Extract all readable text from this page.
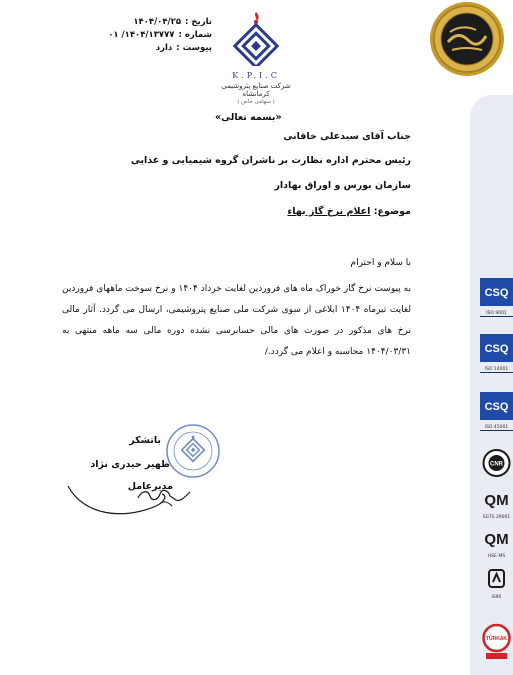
تاریخ :
۱۴۰۴/۰۴/۲۵
شماره :
۱۴۰۴/۱۳۷۷۷/ ۰۱
پیوست :
دارد
K.P.I.C
شرکت صنایع پتروشیمی کرمانشاه
( سهامی خاص )
CSQ
ISO 9001
CSQ
ISO 14001
CSQ
ISO 45001
CNR
QM
SGTS 29001
QM
HSE-MS
ISIRI
TÜRKAK
«بسمه تعالی»
جناب آقای سیدعلی خاقانی
رئیس محترم اداره نظارت بر ناشران گروه شیمیایی و غذایی
سازمان بورس و اوراق بهادار
موضوع: اعلام نرخ گاز بهاء
با سلام و احترام
به پیوست نرخ گاز خوراک ماه های فروردین لغایت خرداد ۱۴۰۴ و نرخ سوخت ماههای فروردین لغایت تیرماه ۱۴۰۴ ابلاغی از سوی شرکت ملی صنایع پتروشیمی، ارسال می گردد. آثار مالی نرخ های مذکور در صورت های مالی حسابرسی نشده دوره مالی سه ماهه منتهی به ۱۴۰۴/۰۳/۳۱ محاسبه و اعلام می گردد./
باتشکر
ظهیر حیدری نژاد
مدیرعامل
